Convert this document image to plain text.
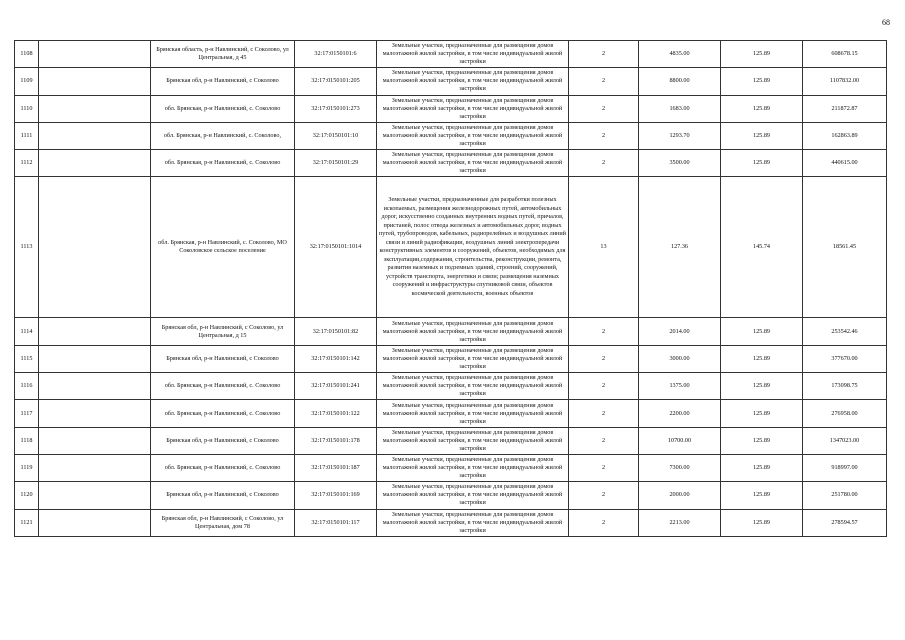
68
1108		Брянская область, р-н Навлинский, с Соколово, ул Центральная, д 45	32:17:0150101:6	Земельные участки, предназначенные для размещения домов малоэтажной жилой застройки, в том числе индивидуальной жилой застройки	2	4835.00	125.89	608678.15
1109		Брянская обл, р-н Навлинский, с Соколово	32:17:0150101:205	Земельные участки, предназначенные для размещения домов малоэтажной жилой застройки, в том числе индивидуальной жилой застройки	2	8800.00	125.89	1107832.00
1110		обл. Брянская, р-н Навлинский, с. Соколово	32:17:0150101:273	Земельные участки, предназначенные для размещения домов малоэтажной жилой застройки, в том числе индивидуальной жилой застройки	2	1683.00	125.89	211872.87
1111		обл. Брянская, р-н Навлинский, с. Соколово,	32:17:0150101:10	Земельные участки, предназначенные для размещения домов малоэтажной жилой застройки, в том числе индивидуальной жилой застройки	2	1293.70	125.89	162863.89
1112		обл. Брянская, р-н Навлинский, с. Соколово	32:17:0150101:29	Земельные участки, предназначенные для размещения домов малоэтажной жилой застройки, в том числе индивидуальной жилой застройки	2	3500.00	125.89	440615.00
1113		обл. Брянская, р-н Навлинский, с. Соколово, МО Соколовское сельское поселение	32:17:0150101:1014	Земельные участки, предназначенные для разработки полезных ископаемых, размещения железнодорожных путей, автомобильных дорог, искусственно созданных внутренних водных путей, причалов, пристаней, полос отвода железных и автомобильных дорог, водных путей, трубопроводов, кабельных, радиорелейных и воздушных линий связи и линий радиофикации, воздушных линий электропередачи конструктивных элементов и сооружений, объектов, необходимых для эксплуатации,содержания, строительства, реконструкции, ремонта, развития наземных и подземных зданий, строений, сооружений, устройств транспорта, энергетики и связи; размещения наземных сооружений и инфраструктуры спутниковой связи, объектов космической деятельности, военных объектов	13	127.36	145.74	18561.45
1114		Брянская обл, р-н Навлинский, с Соколово, ул Центральная, д 15	32:17:0150101:82	Земельные участки, предназначенные для размещения домов малоэтажной жилой застройки, в том числе индивидуальной жилой застройки	2	2014.00	125.89	253542.46
1115		Брянская обл, р-н Навлинский, с Соколово	32:17:0150101:142	Земельные участки, предназначенные для размещения домов малоэтажной жилой застройки, в том числе индивидуальной жилой застройки	2	3000.00	125.89	377670.00
1116		обл. Брянская, р-н Навлинский, с. Соколово	32:17:0150101:241	Земельные участки, предназначенные для размещения домов малоэтажной жилой застройки, в том числе индивидуальной жилой застройки	2	1375.00	125.89	173098.75
1117		обл. Брянская, р-н Навлинский, с. Соколово	32:17:0150101:122	Земельные участки, предназначенные для размещения домов малоэтажной жилой застройки, в том числе индивидуальной жилой застройки	2	2200.00	125.89	276958.00
1118		Брянская обл, р-н Навлинский, с Соколово	32:17:0150101:178	Земельные участки, предназначенные для размещения домов малоэтажной жилой застройки, в том числе индивидуальной жилой застройки	2	10700.00	125.89	1347023.00
1119		обл. Брянская, р-н Навлинский, с. Соколово	32:17:0150101:187	Земельные участки, предназначенные для размещения домов малоэтажной жилой застройки, в том числе индивидуальной жилой застройки	2	7300.00	125.89	918997.00
1120		Брянская обл, р-н Навлинский, с Соколово	32:17:0150101:169	Земельные участки, предназначенные для размещения домов малоэтажной жилой застройки, в том числе индивидуальной жилой застройки	2	2000.00	125.89	251780.00
1121		Брянская обл, р-н Навлинский, с Соколово, ул Центральная, дом 78	32:17:0150101:117	Земельные участки, предназначенные для размещения домов малоэтажной жилой застройки, в том числе индивидуальной жилой застройки	2	2213.00	125.89	278594.57
